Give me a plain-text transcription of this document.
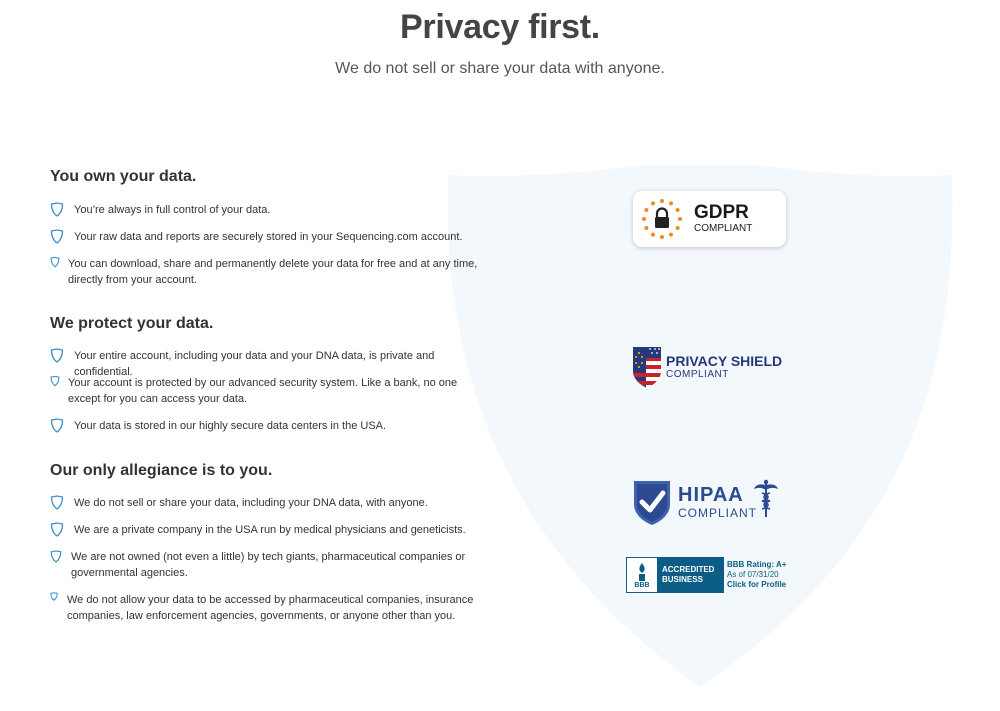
Privacy first.

We do not sell or share your data with anyone.

You own your data.
You’re always in full control of your data.
Your raw data and reports are securely stored in your Sequencing.com account.
You can download, share and permanently delete your data for free and at any time, directly from your account.
We protect your data.
Your entire account, including your data and your DNA data, is private and confidential.
Your account is protected by our advanced security system. Like a bank, no one except for you can access your data.
Your data is stored in our highly secure data centers in the USA.
Our only allegiance is to you.
We do not sell or share your data, including your DNA data, with anyone.
We are a private company in the USA run by medical physicians and geneticists.
We are not owned (not even a little) by tech giants, pharmaceutical companies or governmental agencies.
We do not allow your data to be accessed by pharmaceutical companies, insurance companies, law enforcement agencies, governments, or anyone other than you.
GDPR
COMPLIANT
PRIVACY SHIELD
COMPLIANT
HIPAA
COMPLIANT
BBB
ACCREDITED
BUSINESS
BBB Rating: A+
As of 07/31/20
Click for Profile
